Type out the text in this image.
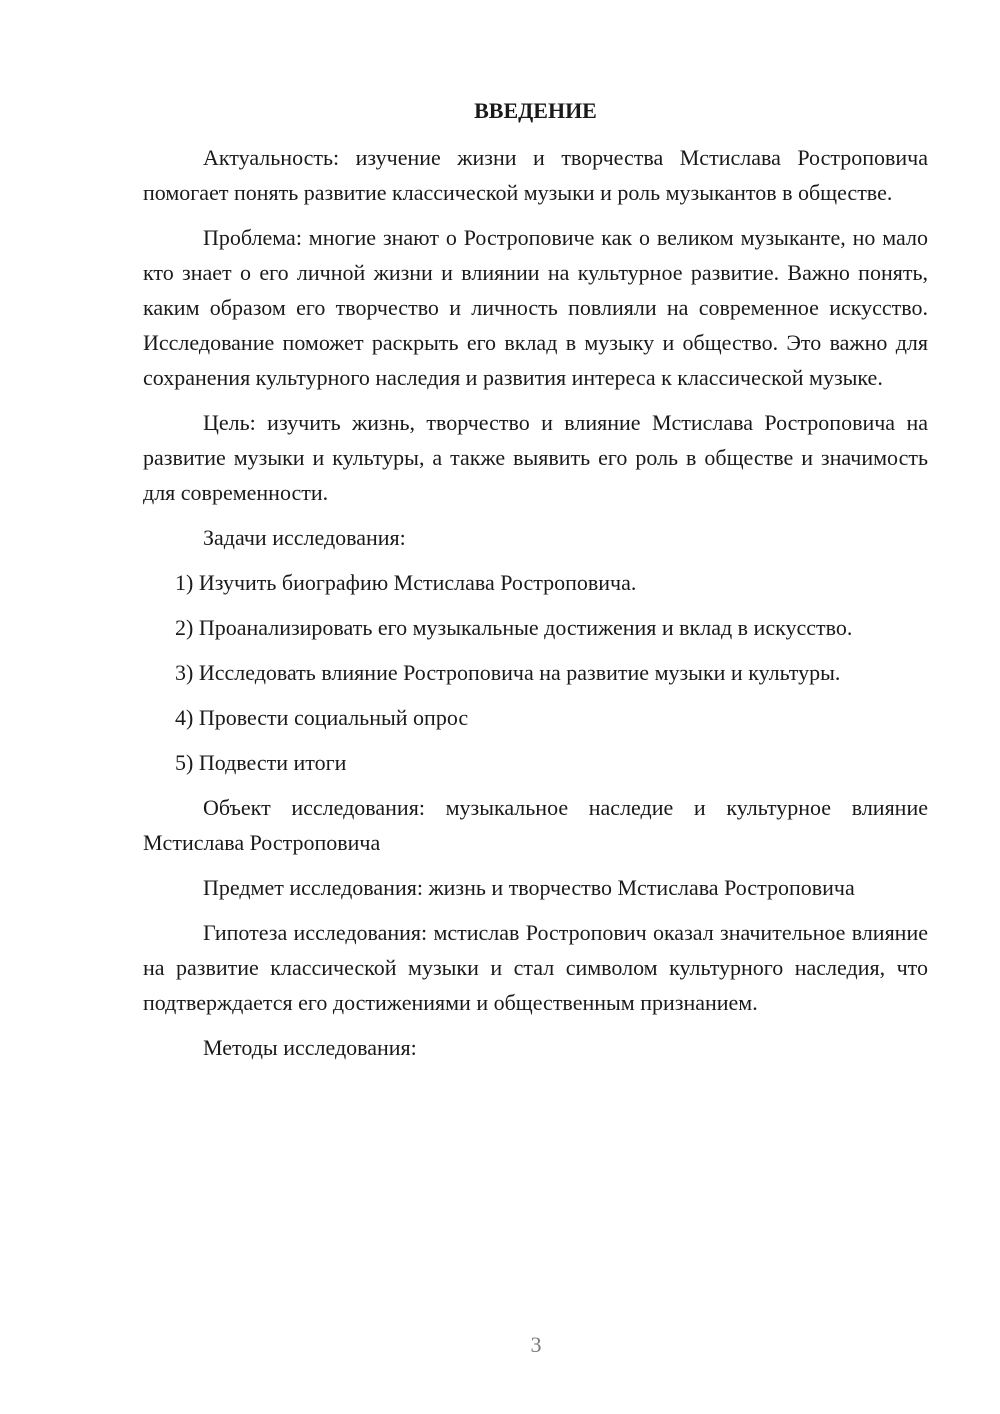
ВВЕДЕНИЕ

Актуальность: изучение жизни и творчества Мстислава Ростроповича помогает понять развитие классической музыки и роль музыкантов в обществе.

Проблема: многие знают о Ростроповиче как о великом музыканте, но мало кто знает о его личной жизни и влиянии на культурное развитие. Важно понять, каким образом его творчество и личность повлияли на современное искусство. Исследование поможет раскрыть его вклад в музыку и общество. Это важно для сохранения культурного наследия и развития интереса к классической музыке.

Цель: изучить жизнь, творчество и влияние Мстислава Ростроповича на развитие музыки и культуры, а также выявить его роль в обществе и значимость для современности.

Задачи исследования:

1) Изучить биографию Мстислава Ростроповича.

2) Проанализировать его музыкальные достижения и вклад в искусство.

3) Исследовать влияние Ростроповича на развитие музыки и культуры.

4) Провести социальный опрос

5) Подвести итоги

Объект исследования: музыкальное наследие и культурное влияние Мстислава Ростроповича

Предмет исследования: жизнь и творчество Мстислава Ростроповича

Гипотеза исследования: мстислав Ростропович оказал значительное влияние на развитие классической музыки и стал символом культурного наследия, что подтверждается его достижениями и общественным признанием.

Методы исследования:

3
